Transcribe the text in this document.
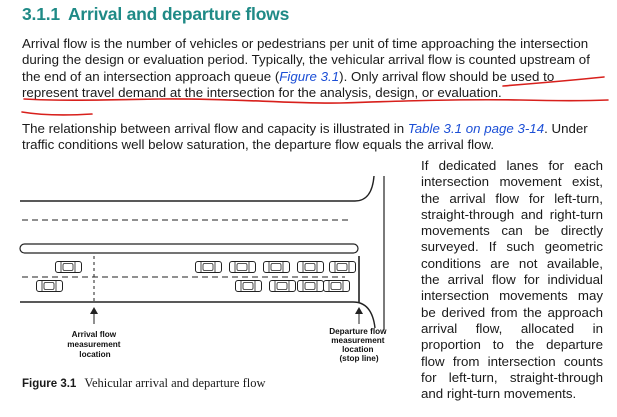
3.1.1 Arrival and departure flows

Arrival flow is the number of vehicles or pedestrians per unit of time approaching the intersection during the design or evaluation period. Typically, the vehicular arrival flow is counted upstream of the end of an intersection approach queue (Figure 3.1). Only arrival flow should be used to represent travel demand at the intersection for the analysis, design, or evaluation.

The relationship between arrival flow and capacity is illustrated in Table 3.1 on page 3-14. Under traffic conditions well below saturation, the departure flow equals the arrival flow.

If dedicated lanes for each intersection movement exist, the arrival flow for left-turn, straight-through and right-turn movements can be directly surveyed. If such geometric conditions are not available, the arrival flow for individual intersection movements may be derived from the approach arrival flow, allocated in proportion to the departure flow from intersection counts for left-turn, straight-through and right-turn movements.

Arrival flow measurement location
Departure flow measurement location (stop line)

Figure 3.1 Vehicular arrival and departure flow
